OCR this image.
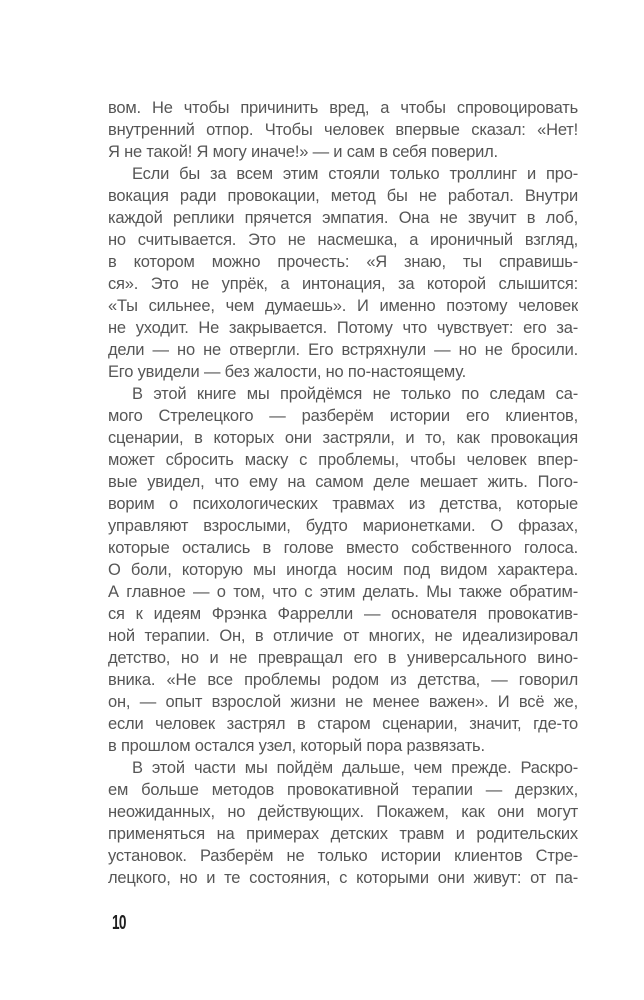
вом. Не чтобы причинить вред, а чтобы спровоцировать
внутренний отпор. Чтобы человек впервые сказал: «Нет!
Я не такой! Я могу иначе!» — и сам в себя поверил.
Если бы за всем этим стояли только троллинг и про-
вокация ради провокации, метод бы не работал. Внутри
каждой реплики прячется эмпатия. Она не звучит в лоб,
но считывается. Это не насмешка, а ироничный взгляд,
в котором можно прочесть: «Я знаю, ты справишь-
ся». Это не упрёк, а интонация, за которой слышится:
«Ты сильнее, чем думаешь». И именно поэтому человек
не уходит. Не закрывается. Потому что чувствует: его за-
дели — но не отвергли. Его встряхнули — но не бросили.
Его увидели — без жалости, но по-настоящему.
В этой книге мы пройдёмся не только по следам са-
мого Стрелецкого — разберём истории его клиентов,
сценарии, в которых они застряли, и то, как провокация
может сбросить маску с проблемы, чтобы человек впер-
вые увидел, что ему на самом деле мешает жить. Пого-
ворим о психологических травмах из детства, которые
управляют взрослыми, будто марионетками. О фразах,
которые остались в голове вместо собственного голоса.
О боли, которую мы иногда носим под видом характера.
А главное — о том, что с этим делать. Мы также обратим-
ся к идеям Фрэнка Фаррелли — основателя провокатив-
ной терапии. Он, в отличие от многих, не идеализировал
детство, но и не превращал его в универсального вино-
вника. «Не все проблемы родом из детства, — говорил
он, — опыт взрослой жизни не менее важен». И всё же,
если человек застрял в старом сценарии, значит, где-то
в прошлом остался узел, который пора развязать.
В этой части мы пойдём дальше, чем прежде. Раскро-
ем больше методов провокативной терапии — дерзких,
неожиданных, но действующих. Покажем, как они могут
применяться на примерах детских травм и родительских
установок. Разберём не только истории клиентов Стре-
лецкого, но и те состояния, с которыми они живут: от па-
10
